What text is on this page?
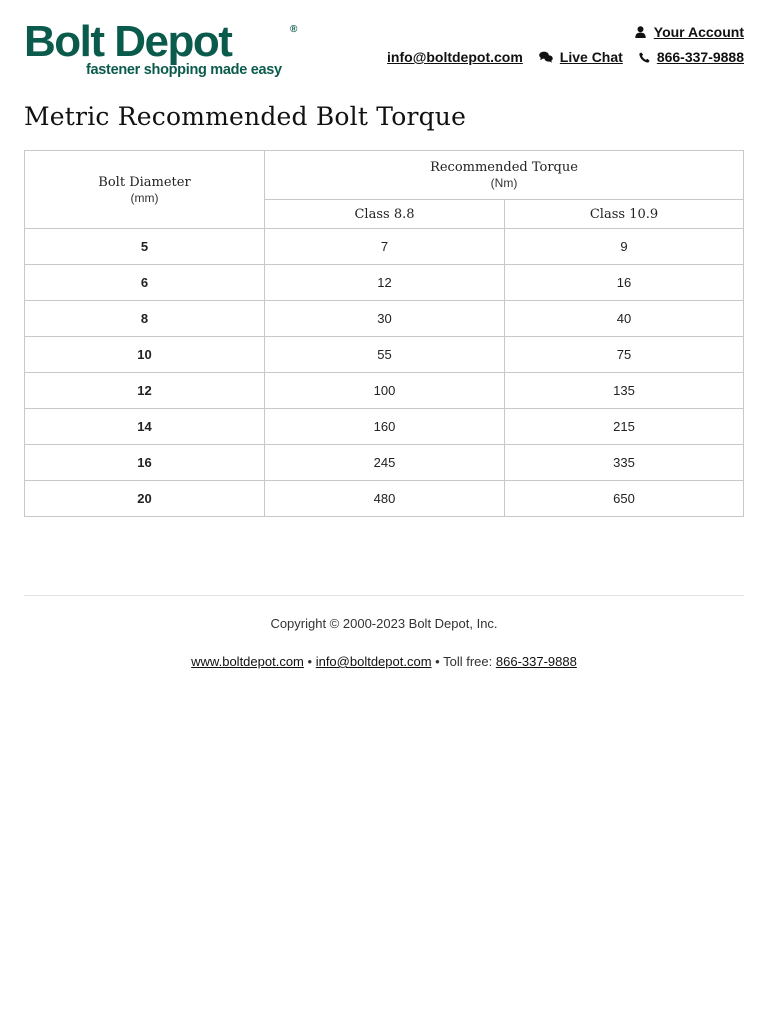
Bolt Depot	®
fastener shopping made easy
Your Account
info@boltdepot.com	Live Chat 866-337-9888
Metric Recommended Bolt Torque
Bolt Diameter
(mm)	Recommended Torque
(Nm)	

	Class 8.8	Class 10.9
5	7	9
6	12	16
8	30	40
10	55	75
12	100	135
14	160	215
16	245	335
20	480	650
Copyright © 2000-2023 Bolt Depot, Inc.
www.boltdepot.com • info@boltdepot.com • Toll free: 866-337-9888
